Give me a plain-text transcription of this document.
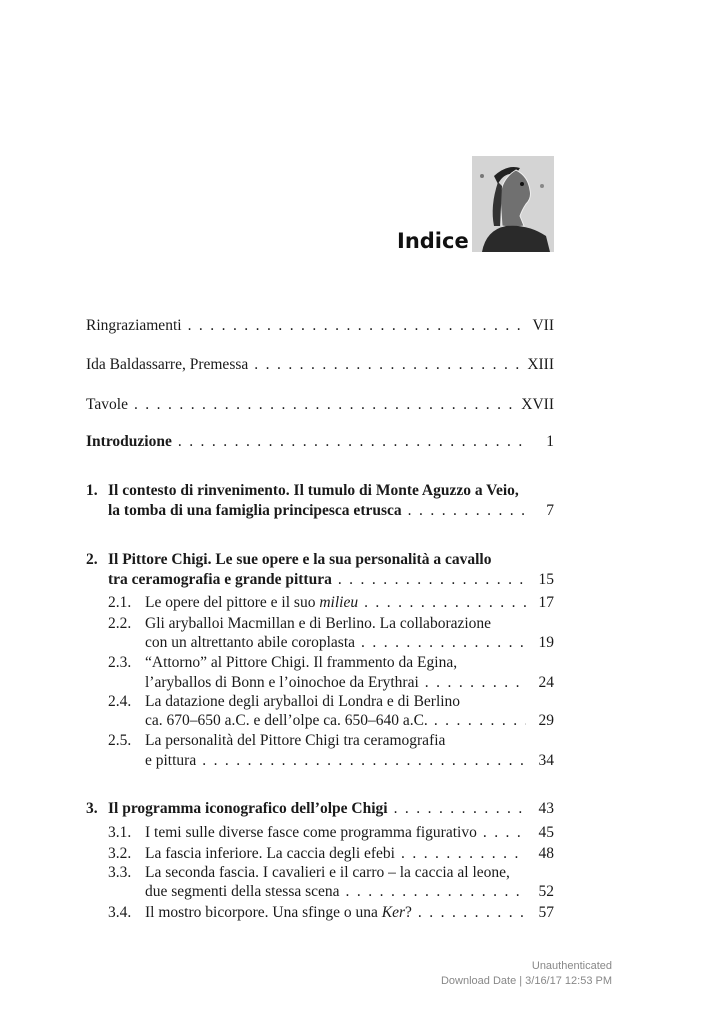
Indice
Ringraziamenti . . .	VII
Ida Baldassarre, Premessa . . .	XIII
Tavole . . .	XVII
Introduzione . . .	1
1. Il contesto di rinvenimento. Il tumulo di Monte Aguzzo a Veio,
la tomba di una famiglia principesca etrusca . . .	7
2. Il Pittore Chigi. Le sue opere e la sua personalità a cavallo
tra ceramografia e grande pittura . . .	15
2.1. Le opere del pittore e il suo milieu . . .	17
2.2. Gli aryballoi Macmillan e di Berlino. La collaborazione
con un altrettanto abile coroplasta . . .	19
2.3. “Attorno” al Pittore Chigi. Il frammento da Egina,
l’aryballos di Bonn e l’oinochoe da Erythrai . . .	24
2.4. La datazione degli aryballoi di Londra e di Berlino
ca. 670–650 a.C. e dell’olpe ca. 650–640 a.C. . . .	29
2.5. La personalità del Pittore Chigi tra ceramografia
e pittura . . .	34
3. Il programma iconografico dell’olpe Chigi . . .	43
3.1. I temi sulle diverse fasce come programma figurativo . . .	45
3.2. La fascia inferiore. La caccia degli efebi . . .	48
3.3. La seconda fascia. I cavalieri e il carro – la caccia al leone,
due segmenti della stessa scena . . .	52
3.4. Il mostro bicorpore. Una sfinge o una Ker? . . .	57
Unauthenticated
Download Date | 3/16/17 12:53 PM
